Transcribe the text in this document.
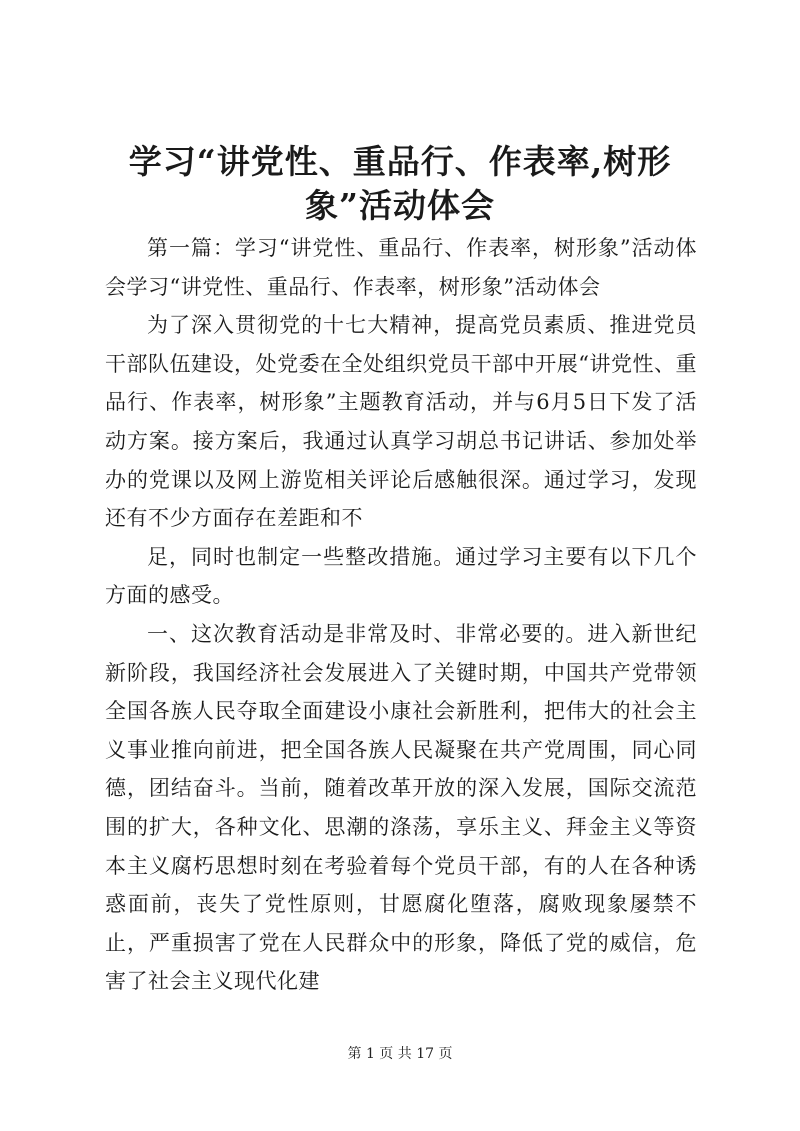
学习“讲党性、重品行、作表率,树形象”活动体会

第一篇：学习“讲党性、重品行、作表率，树形象”活动体会学习“讲党性、重品行、作表率，树形象”活动体会

为了深入贯彻党的十七大精神，提高党员素质、推进党员干部队伍建设，处党委在全处组织党员干部中开展“讲党性、重品行、作表率，树形象”主题教育活动，并与6月5日下发了活动方案。接方案后，我通过认真学习胡总书记讲话、参加处举办的党课以及网上游览相关评论后感触很深。通过学习，发现还有不少方面存在差距和不

足，同时也制定一些整改措施。通过学习主要有以下几个方面的感受。

一、这次教育活动是非常及时、非常必要的。进入新世纪新阶段，我国经济社会发展进入了关键时期，中国共产党带领全国各族人民夺取全面建设小康社会新胜利，把伟大的社会主义事业推向前进，把全国各族人民凝聚在共产党周围，同心同德，团结奋斗。当前，随着改革开放的深入发展，国际交流范围的扩大，各种文化、思潮的涤荡，享乐主义、拜金主义等资本主义腐朽思想时刻在考验着每个党员干部，有的人在各种诱惑面前，丧失了党性原则，甘愿腐化堕落，腐败现象屡禁不止，严重损害了党在人民群众中的形象，降低了党的威信，危害了社会主义现代化建

第 1 页 共 17 页
